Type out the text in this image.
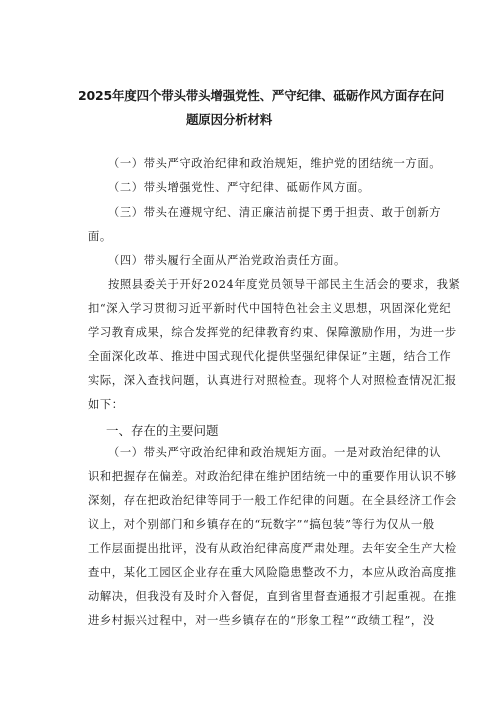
2025年度四个带头带头增强党性、严守纪律、砥砺作风方面存在问
题原因分析材料
（一）带头严守政治纪律和政治规矩，维护党的团结统一方面。
（二）带头增强党性、严守纪律、砥砺作风方面。
（三）带头在遵规守纪、清正廉洁前提下勇于担责、敢于创新方
面。
（四）带头履行全面从严治党政治责任方面。
按照县委关于开好2024年度党员领导干部民主生活会的要求，我紧
扣“深入学习贯彻习近平新时代中国特色社会主义思想，巩固深化党纪
学习教育成果，综合发挥党的纪律教育约束、保障激励作用，为进一步
全面深化改革、推进中国式现代化提供坚强纪律保证”主题，结合工作
实际，深入查找问题，认真进行对照检查。现将个人对照检查情况汇报
如下：
一、存在的主要问题
（一）带头严守政治纪律和政治规矩方面。一是对政治纪律的认
识和把握存在偏差。对政治纪律在维护团结统一中的重要作用认识不够
深刻，存在把政治纪律等同于一般工作纪律的问题。在全县经济工作会
议上，对个别部门和乡镇存在的“玩数字”“搞包装”等行为仅从一般
工作层面提出批评，没有从政治纪律高度严肃处理。去年安全生产大检
查中，某化工园区企业存在重大风险隐患整改不力，本应从政治高度推
动解决，但我没有及时介入督促，直到省里督查通报才引起重视。在推
进乡村振兴过程中，对一些乡镇存在的“形象工程”“政绩工程”，没
